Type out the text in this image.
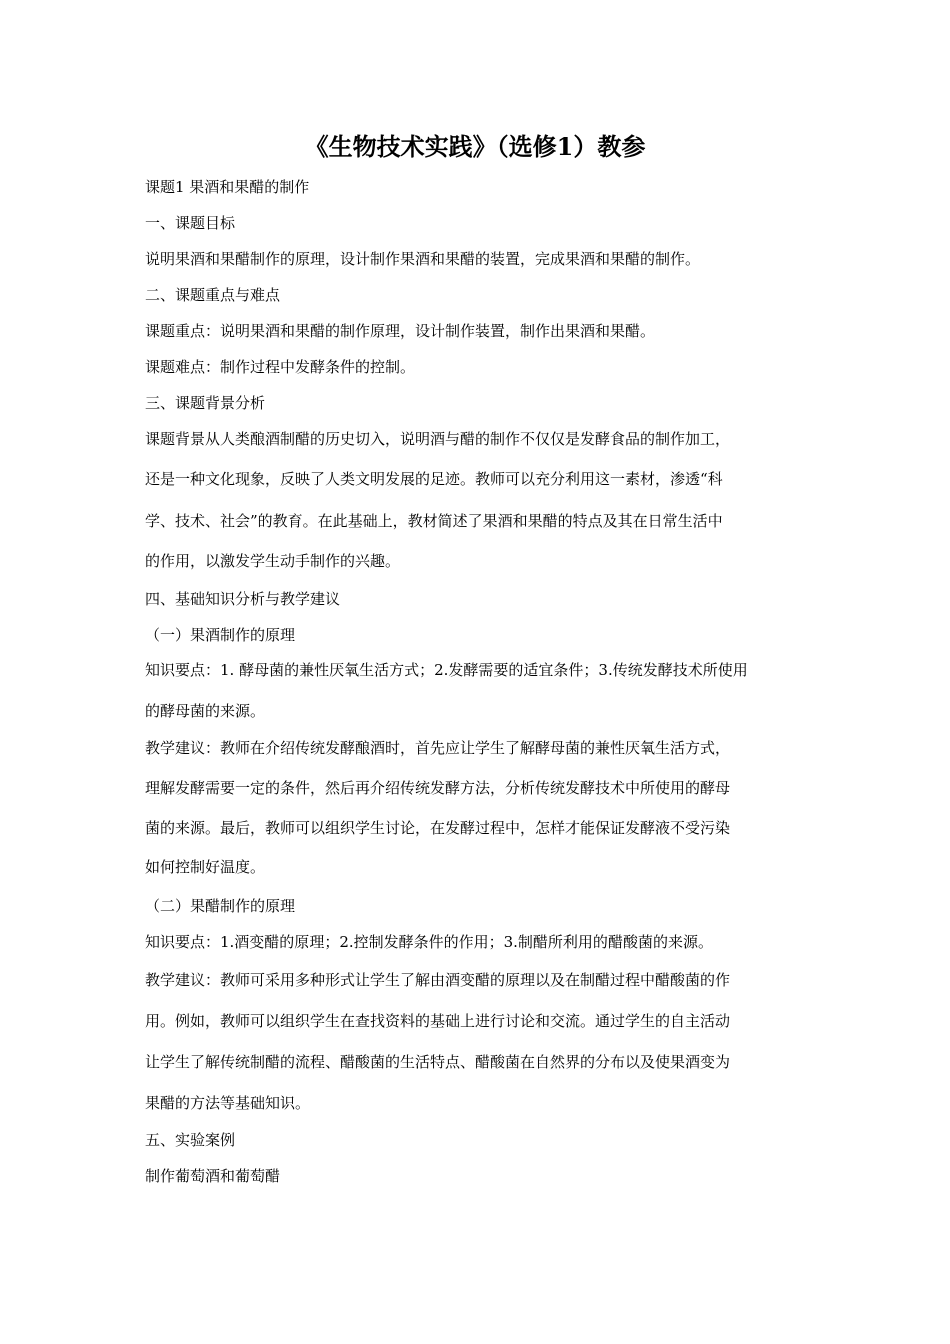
《生物技术实践》（选修1）教参

课题1 果酒和果醋的制作

一、课题目标

说明果酒和果醋制作的原理，设计制作果酒和果醋的装置，完成果酒和果醋的制作。

二、课题重点与难点

课题重点：说明果酒和果醋的制作原理，设计制作装置，制作出果酒和果醋。

课题难点：制作过程中发酵条件的控制。

三、课题背景分析

课题背景从人类酿酒制醋的历史切入，说明酒与醋的制作不仅仅是发酵食品的制作加工，

还是一种文化现象，反映了人类文明发展的足迹。教师可以充分利用这一素材，渗透“科

学、技术、社会”的教育。在此基础上，教材简述了果酒和果醋的特点及其在日常生活中

的作用，以激发学生动手制作的兴趣。

四、基础知识分析与教学建议

（一）果酒制作的原理

知识要点：1. 酵母菌的兼性厌氧生活方式；2.发酵需要的适宜条件；3.传统发酵技术所使用

的酵母菌的来源。

教学建议：教师在介绍传统发酵酿酒时，首先应让学生了解酵母菌的兼性厌氧生活方式，

理解发酵需要一定的条件，然后再介绍传统发酵方法，分析传统发酵技术中所使用的酵母

菌的来源。最后，教师可以组织学生讨论，在发酵过程中，怎样才能保证发酵液不受污染

如何控制好温度。

（二）果醋制作的原理

知识要点：1.酒变醋的原理；2.控制发酵条件的作用；3.制醋所利用的醋酸菌的来源。

教学建议：教师可采用多种形式让学生了解由酒变醋的原理以及在制醋过程中醋酸菌的作

用。例如，教师可以组织学生在查找资料的基础上进行讨论和交流。通过学生的自主活动

让学生了解传统制醋的流程、醋酸菌的生活特点、醋酸菌在自然界的分布以及使果酒变为

果醋的方法等基础知识。

五、实验案例

制作葡萄酒和葡萄醋
